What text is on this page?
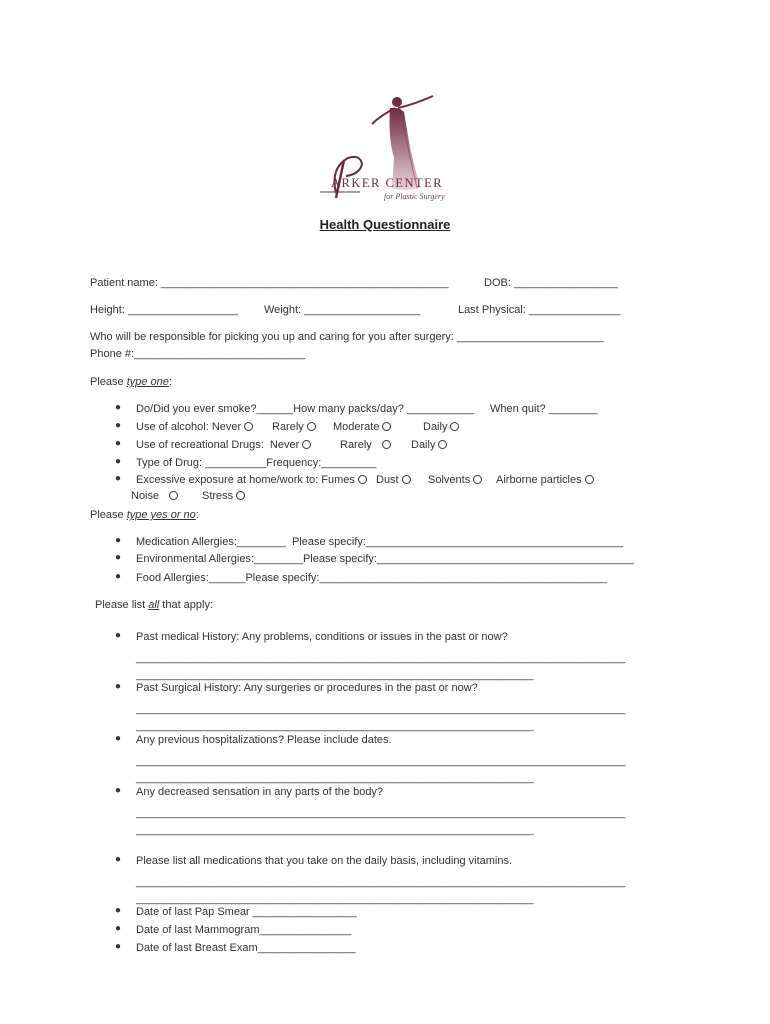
ARKER CENTER
for Plastic Surgery
Health Questionnaire
Patient name: _______________________________________________	DOB: _________________
Height: __________________ Weight: ___________________	Last Physical: _______________
Who will be responsible for picking you up and caring for you after surgery: ________________________
Phone #:____________________________
Please type one:
● Do/Did you ever smoke?______How many packs/day? ___________ When quit? ________
● Use of alcohol: Never	Rarely	Moderate	Daily
● Use of recreational Drugs:  Never	Rarely	Daily
● Type of Drug: __________Frequency:_________
● Excessive exposure at home/work to: Fumes	Dust	Solvents	Airborne particles
Noise	Stress
Please type yes or no:
● Medication Allergies:________  Please specify:__________________________________________
● Environmental Allergies:________Please specify:__________________________________________
● Food Allergies:______Please specify:_______________________________________________
Please list all that apply:
● Past medical History: Any problems, conditions or issues in the past or now?
________________________________________________________________________________
_________________________________________________________________
● Past Surgical History: Any surgeries or procedures in the past or now?
________________________________________________________________________________
_________________________________________________________________
● Any previous hospitalizations? Please include dates.
________________________________________________________________________________
_________________________________________________________________
● Any decreased sensation in any parts of the body?
________________________________________________________________________________
_________________________________________________________________
● Please list all medications that you take on the daily basis, including vitamins.
________________________________________________________________________________
_________________________________________________________________
● Date of last Pap Smear _________________
● Date of last Mammogram_______________
● Date of last Breast Exam________________
